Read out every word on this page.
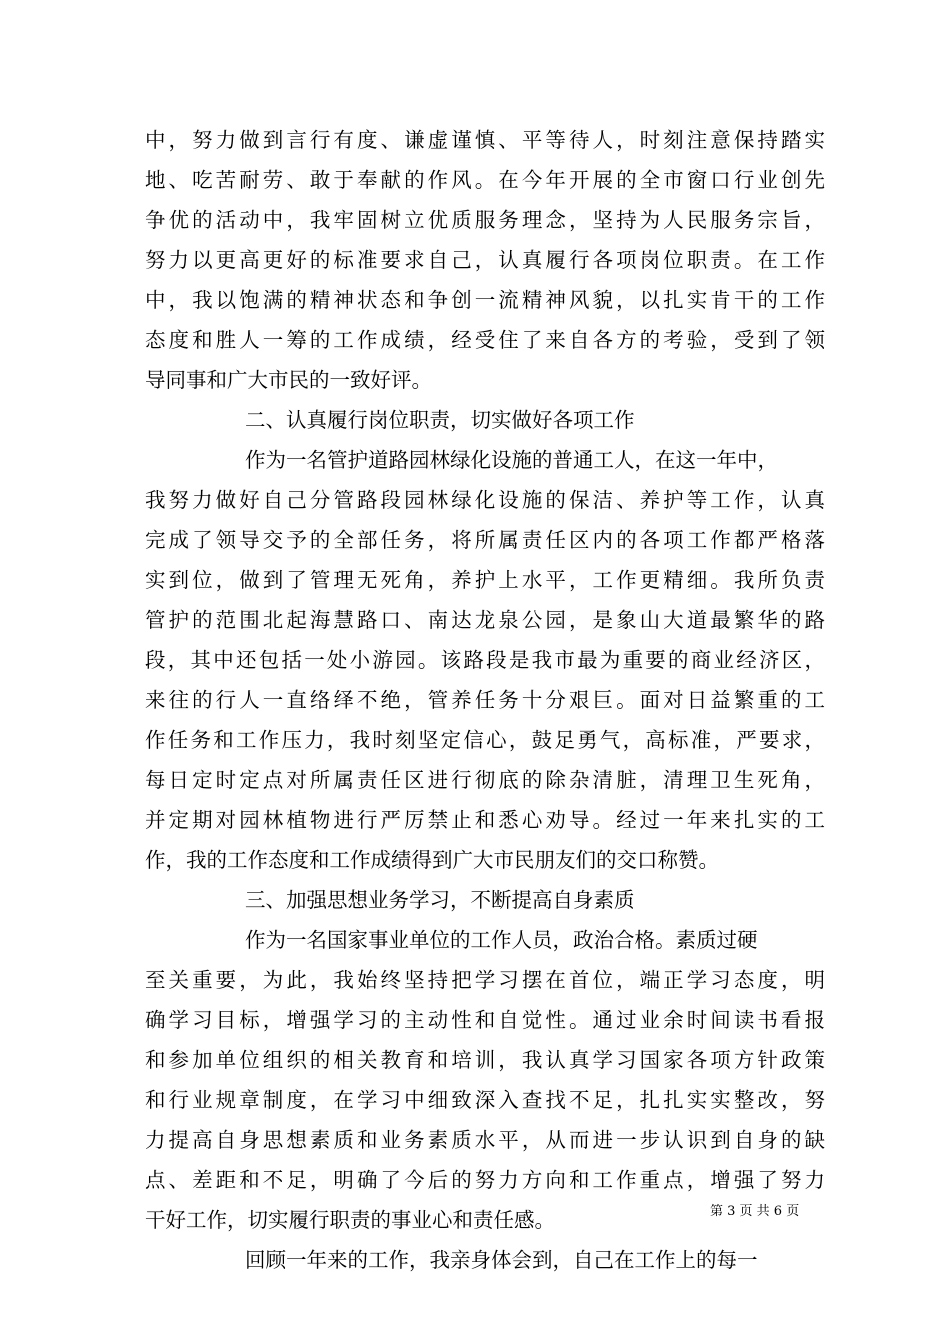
中，努力做到言行有度、谦虚谨慎、平等待人，时刻注意保持踏实
地、吃苦耐劳、敢于奉献的作风。在今年开展的全市窗口行业创先
争优的活动中，我牢固树立优质服务理念，坚持为人民服务宗旨，
努力以更高更好的标准要求自己，认真履行各项岗位职责。在工作
中，我以饱满的精神状态和争创一流精神风貌，以扎实肯干的工作
态度和胜人一筹的工作成绩，经受住了来自各方的考验，受到了领
导同事和广大市民的一致好评。
二、认真履行岗位职责，切实做好各项工作
作为一名管护道路园林绿化设施的普通工人，在这一年中，
我努力做好自己分管路段园林绿化设施的保洁、养护等工作，认真
完成了领导交予的全部任务，将所属责任区内的各项工作都严格落
实到位，做到了管理无死角，养护上水平，工作更精细。我所负责
管护的范围北起海慧路口、南达龙泉公园，是象山大道最繁华的路
段，其中还包括一处小游园。该路段是我市最为重要的商业经济区，
来往的行人一直络绎不绝，管养任务十分艰巨。面对日益繁重的工
作任务和工作压力，我时刻坚定信心，鼓足勇气，高标准，严要求，
每日定时定点对所属责任区进行彻底的除杂清脏，清理卫生死角，
并定期对园林植物进行严厉禁止和悉心劝导。经过一年来扎实的工
作，我的工作态度和工作成绩得到广大市民朋友们的交口称赞。
三、加强思想业务学习，不断提高自身素质
作为一名国家事业单位的工作人员，政治合格。素质过硬
至关重要，为此，我始终坚持把学习摆在首位，端正学习态度，明
确学习目标，增强学习的主动性和自觉性。通过业余时间读书看报
和参加单位组织的相关教育和培训，我认真学习国家各项方针政策
和行业规章制度，在学习中细致深入查找不足，扎扎实实整改，努
力提高自身思想素质和业务素质水平，从而进一步认识到自身的缺
点、差距和不足，明确了今后的努力方向和工作重点，增强了努力
干好工作，切实履行职责的事业心和责任感。
回顾一年来的工作，我亲身体会到，自己在工作上的每一
第 3 页 共 6 页
